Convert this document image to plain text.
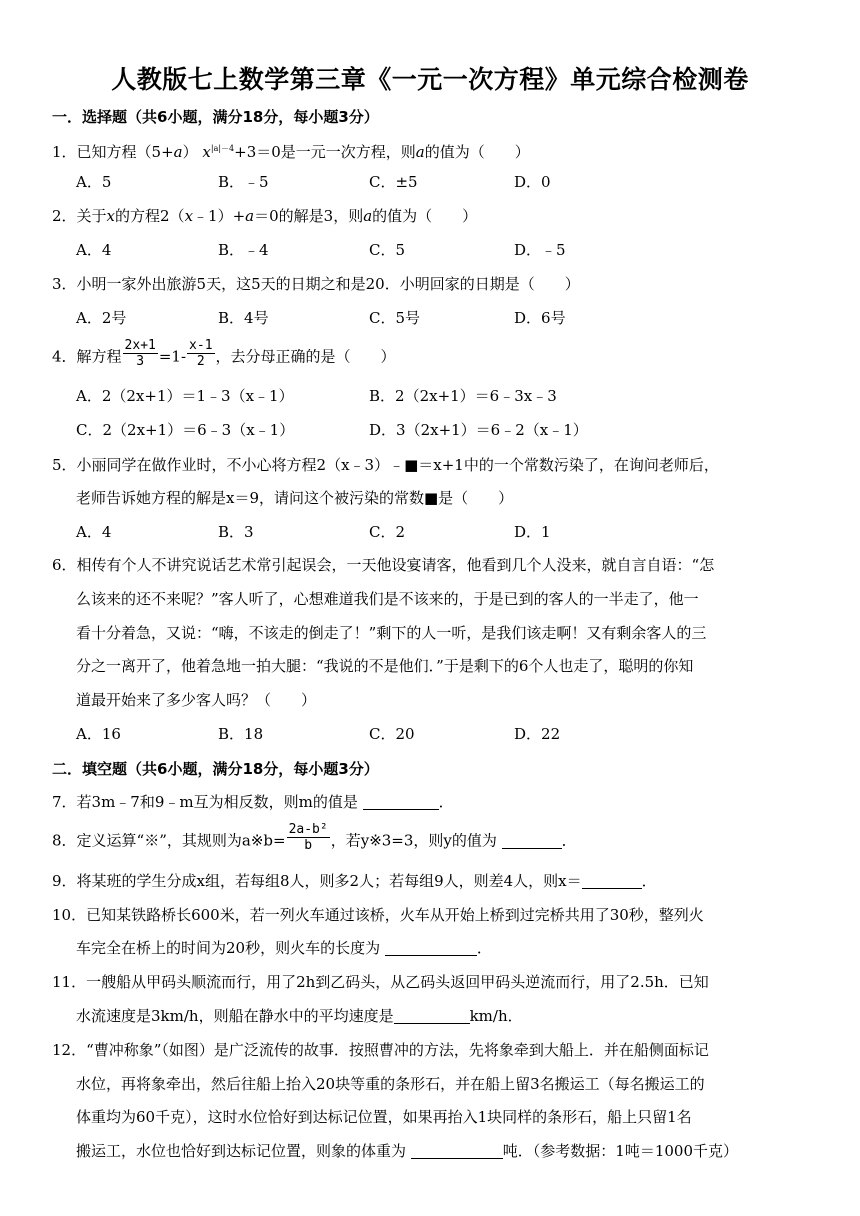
人教版七上数学第三章《一元一次方程》单元综合检测卷
一．选择题（共6小题，满分18分，每小题3分）
1．已知方程（5+a） $x^{|a|-4}+3=0$是一元一次方程，则a的值为（　　）
A．5	B．﹣5	C．±5	D．0
2．关于x的方程2（x﹣1）+a＝0的解是3，则a的值为（　　）
A．4	B．﹣4	C．5	D．﹣5
3．小明一家外出旅游5天，这5天的日期之和是20．小明回家的日期是（　　）
A．2号	B．4号	C．5号	D．6号
4．解方程 $\frac{2x+1}{3} =1- \frac{x-1}{2}$ ，去分母正确的是（　　）
A．2（2x+1）＝1﹣3（x﹣1）	B．2（2x+1）＝6﹣3x﹣3
C．2（2x+1）＝6﹣3（x﹣1）	D．3（2x+1）＝6﹣2（x﹣1）
5．小丽同学在做作业时，不小心将方程2（x﹣3）﹣■＝x+1中的一个常数污染了，在询问老师后，
老师告诉她方程的解是x＝9，请问这个被污染的常数■是（　　）
A．4	B．3	C．2	D．1
6．相传有个人不讲究说话艺术常引起误会，一天他设宴请客，他看到几个人没来，就自言自语：“怎
么该来的还不来呢？”客人听了，心想难道我们是不该来的，于是已到的客人的一半走了，他一
看十分着急，又说：“嗨，不该走的倒走了！”剩下的人一听，是我们该走啊！又有剩余客人的三
分之一离开了，他着急地一拍大腿：“我说的不是他们．”于是剩下的6个人也走了，聪明的你知
道最开始来了多少客人吗？（　　）
A．16	B．18	C．20	D．22
二．填空题（共6小题，满分18分，每小题3分）
7．若3m﹣7和9﹣m互为相反数，则m的值是	．
8．定义运算“※”，其规则为a※b= $\frac{\text{2a-b²}}{b}$ ，若y※3=3，则y的值为	．
9．将某班的学生分成x组，若每组8人，则多2人；若每组9人，则差4人，则x＝	．
10．已知某铁路桥长600米，若一列火车通过该桥，火车从开始上桥到过完桥共用了30秒，整列火
车完全在桥上的时间为20秒，则火车的长度为	．
11．一艘船从甲码头顺流而行，用了2h到乙码头，从乙码头返回甲码头逆流而行，用了2.5h．已知
水流速度是3km/h，则船在静水中的平均速度是	km/h．
12．“曹冲称象”（如图）是广泛流传的故事．按照曹冲的方法，先将象牵到大船上．并在船侧面标记
水位，再将象牵出，然后往船上抬入20块等重的条形石，并在船上留3名搬运工（每名搬运工的
体重均为60千克），这时水位恰好到达标记位置，如果再抬入1块同样的条形石，船上只留1名
搬运工，水位也恰好到达标记位置，则象的体重为	吨．（参考数据：1吨＝1000千克）
